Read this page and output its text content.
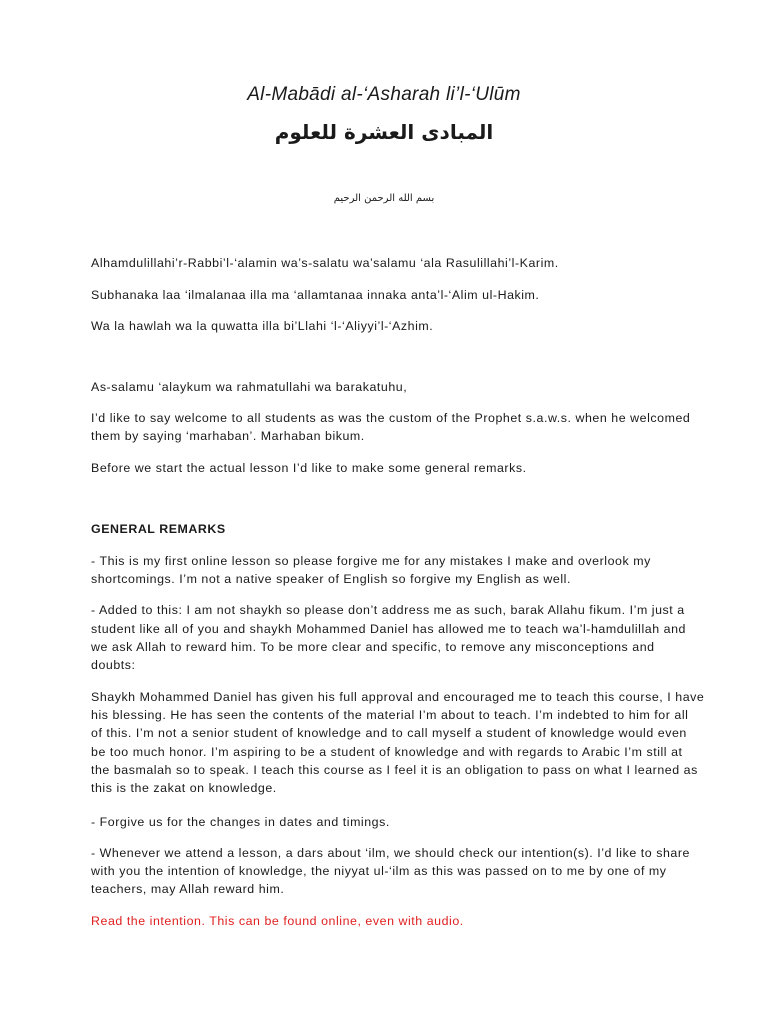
Al-Mabādi al-‘Asharah li’l-‘Ulūm
المبادى العشرة للعلوم
بسم الله الرحمن الرحيم
Alhamdulillahi’r-Rabbi’l-‘alamin wa’s-salatu wa’salamu ‘ala Rasulillahi’l-Karim.
Subhanaka laa ‘ilmalanaa illa ma ‘allamtanaa innaka anta’l-‘Alim ul-Hakim.
Wa la hawlah wa la quwatta illa bi’Llahi ‘l-‘Aliyyi’l-‘Azhim.
As-salamu ‘alaykum wa rahmatullahi wa barakatuhu,
I’d like to say welcome to all students as was the custom of the Prophet s.a.w.s. when he welcomed
them by saying ‘marhaban’. Marhaban bikum.
Before we start the actual lesson I’d like to make some general remarks.
GENERAL REMARKS
- This is my first online lesson so please forgive me for any mistakes I make and overlook my
shortcomings. I’m not a native speaker of English so forgive my English as well.
- Added to this: I am not shaykh so please don’t address me as such, barak Allahu fikum. I’m just a
student like all of you and shaykh Mohammed Daniel has allowed me to teach wa’l-hamdulillah and
we ask Allah to reward him. To be more clear and specific, to remove any misconceptions and
doubts:
Shaykh Mohammed Daniel has given his full approval and encouraged me to teach this course, I have
his blessing. He has seen the contents of the material I’m about to teach. I’m indebted to him for all
of this. I’m not a senior student of knowledge and to call myself a student of knowledge would even
be too much honor. I’m aspiring to be a student of knowledge and with regards to Arabic I’m still at
the basmalah so to speak. I teach this course as I feel it is an obligation to pass on what I learned as
this is the zakat on knowledge.
- Forgive us for the changes in dates and timings.
- Whenever we attend a lesson, a dars about ‘ilm, we should check our intention(s). I’d like to share
with you the intention of knowledge, the niyyat ul-‘ilm as this was passed on to me by one of my
teachers, may Allah reward him.
Read the intention. This can be found online, even with audio.
